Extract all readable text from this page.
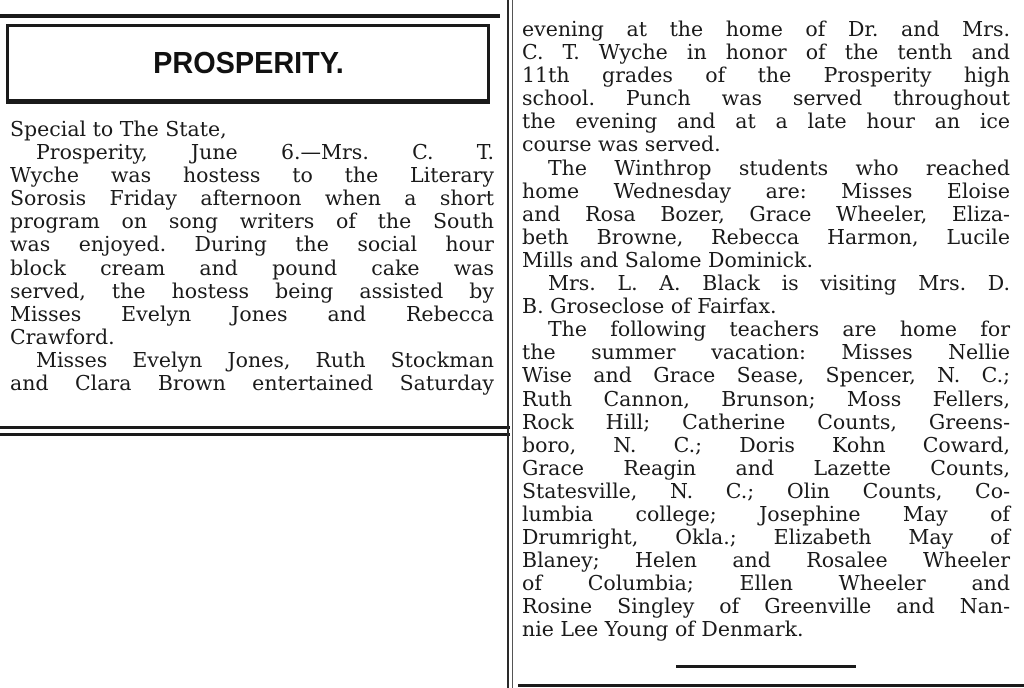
PROSPERITY.
Special to The State,
Prosperity, June 6.—Mrs. C. T.
Wyche was hostess to the Literary
Sorosis Friday afternoon when a short
program on song writers of the South
was enjoyed. During the social hour
block cream and pound cake was
served, the hostess being assisted by
Misses Evelyn Jones and Rebecca
Crawford.
Misses Evelyn Jones, Ruth Stockman
and Clara Brown entertained Saturday
evening at the home of Dr. and Mrs.
C. T. Wyche in honor of the tenth and
11th grades of the Prosperity high
school. Punch was served throughout
the evening and at a late hour an ice
course was served.
The Winthrop students who reached
home Wednesday are: Misses Eloise
and Rosa Bozer, Grace Wheeler, Eliza-
beth Browne, Rebecca Harmon, Lucile
Mills and Salome Dominick.
Mrs. L. A. Black is visiting Mrs. D.
B. Groseclose of Fairfax.
The following teachers are home for
the summer vacation: Misses Nellie
Wise and Grace Sease, Spencer, N. C.;
Ruth Cannon, Brunson; Moss Fellers,
Rock Hill; Catherine Counts, Greens-
boro, N. C.; Doris Kohn Coward,
Grace Reagin and Lazette Counts,
Statesville, N. C.; Olin Counts, Co-
lumbia college; Josephine May of
Drumright, Okla.; Elizabeth May of
Blaney; Helen and Rosalee Wheeler
of Columbia; Ellen Wheeler and
Rosine Singley of Greenville and Nan-
nie Lee Young of Denmark.
